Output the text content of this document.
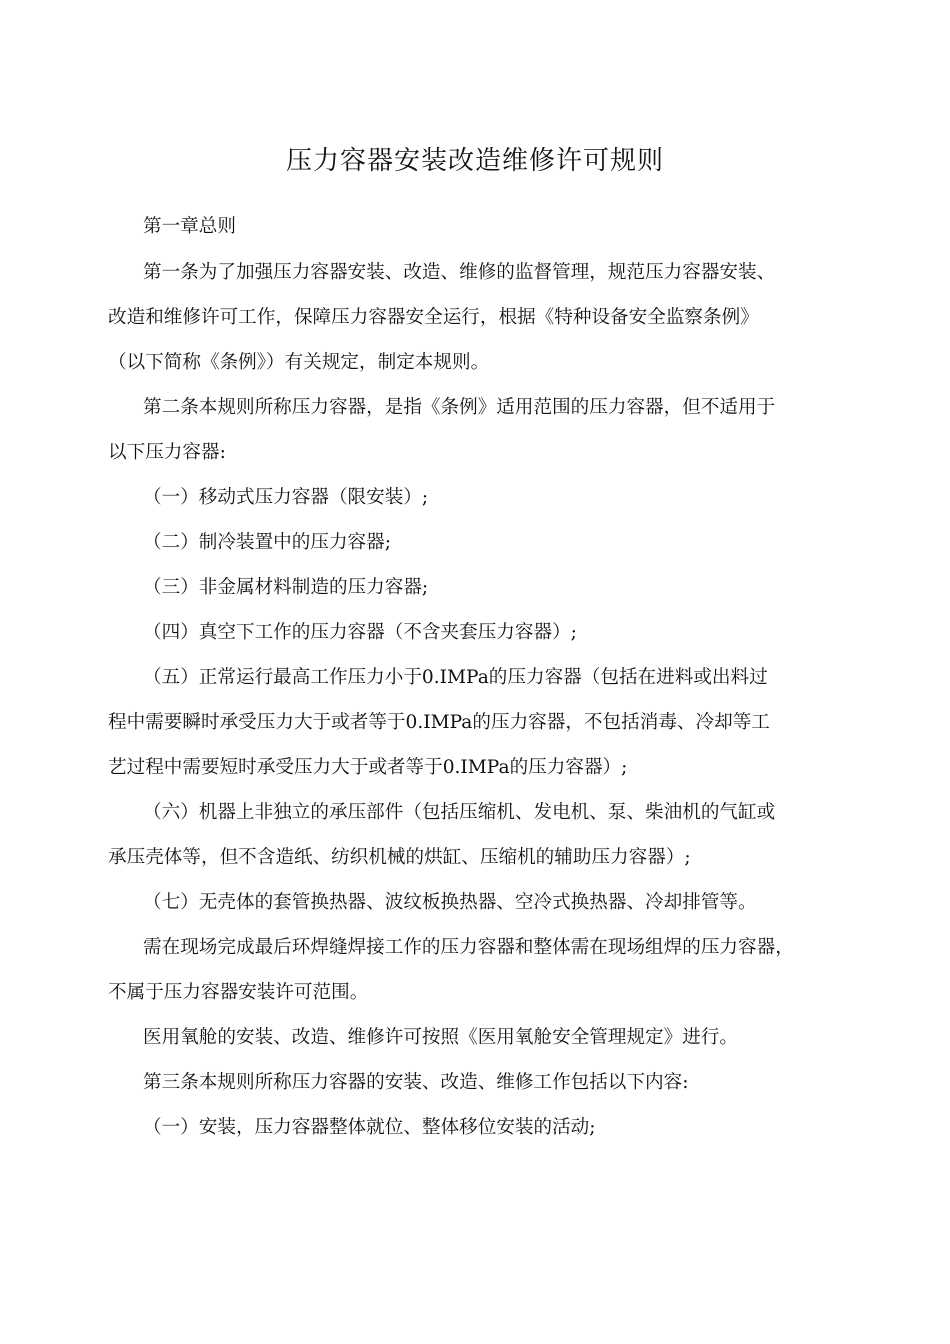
压力容器安装改造维修许可规则
第一章总则
第一条为了加强压力容器安装、改造、维修的监督管理，规范压力容器安装、
改造和维修许可工作，保障压力容器安全运行，根据《特种设备安全监察条例》
（以下简称《条例》）有关规定，制定本规则。
第二条本规则所称压力容器，是指《条例》适用范围的压力容器，但不适用于
以下压力容器:
（一）移动式压力容器（限安装）;
（二）制冷装置中的压力容器;
（三）非金属材料制造的压力容器;
（四）真空下工作的压力容器（不含夹套压力容器）;
（五）正常运行最高工作压力小于0.IMPa的压力容器（包括在进料或出料过
程中需要瞬时承受压力大于或者等于0.IMPa的压力容器，不包括消毒、冷却等工
艺过程中需要短时承受压力大于或者等于0.IMPa的压力容器）;
（六）机器上非独立的承压部件（包括压缩机、发电机、泵、柴油机的气缸或
承压壳体等，但不含造纸、纺织机械的烘缸、压缩机的辅助压力容器）;
（七）无壳体的套管换热器、波纹板换热器、空冷式换热器、冷却排管等。
需在现场完成最后环焊缝焊接工作的压力容器和整体需在现场组焊的压力容器，
不属于压力容器安装许可范围。
医用氧舱的安装、改造、维修许可按照《医用氧舱安全管理规定》进行。
第三条本规则所称压力容器的安装、改造、维修工作包括以下内容:
（一）安装，压力容器整体就位、整体移位安装的活动;
